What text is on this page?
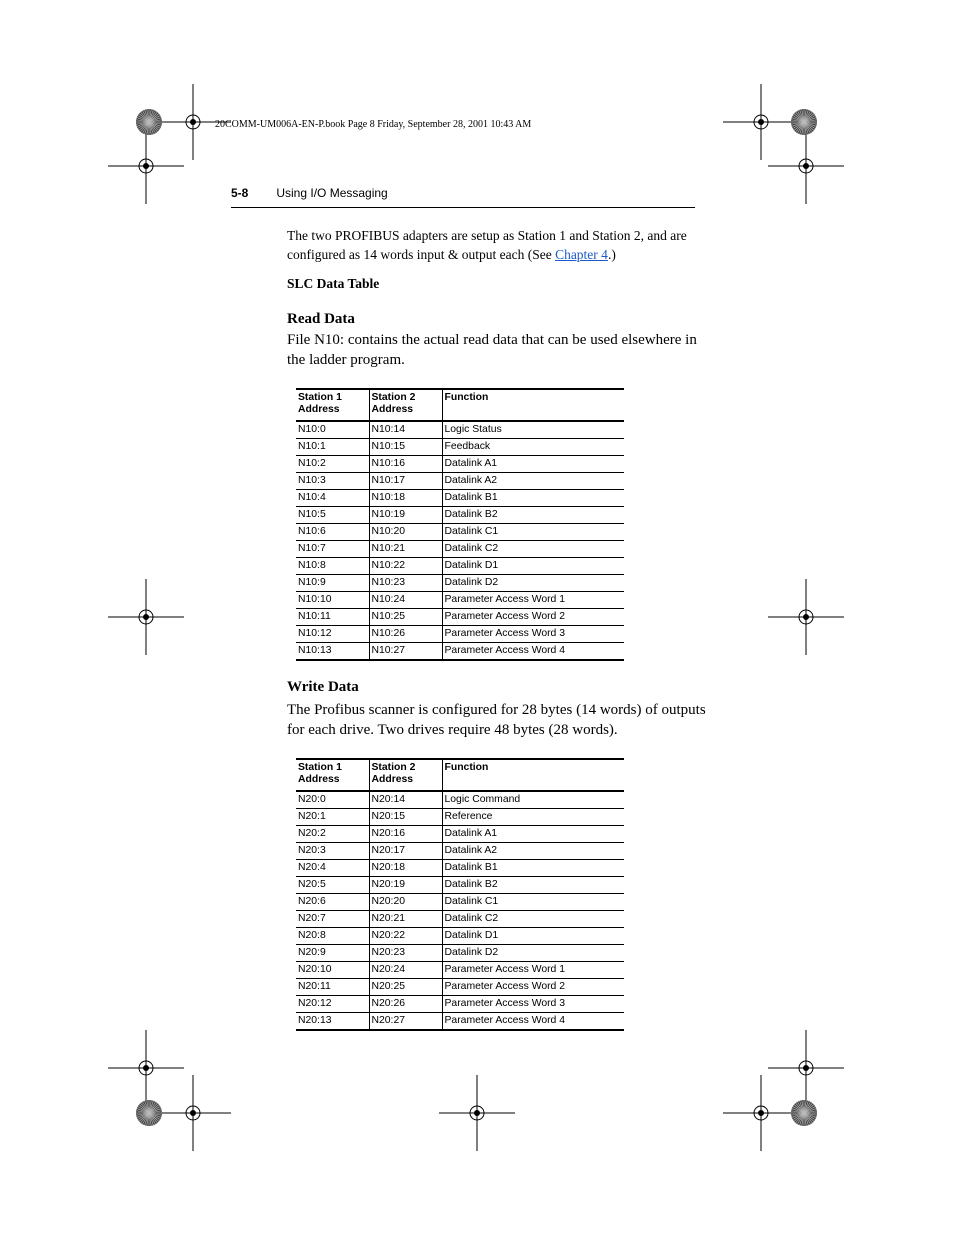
20COMM-UM006A-EN-P.book Page 8 Friday, September 28, 2001 10:43 AM
5-8 Using I/O Messaging
The two PROFIBUS adapters are setup as Station 1 and Station 2, and are configured as 14 words input & output each (See Chapter 4.)
SLC Data Table
Read Data
File N10: contains the actual read data that can be used elsewhere in the ladder program.
Station 1
Address	Station 2
Address	Function
N10:0	N10:14	Logic Status
N10:1	N10:15	Feedback
N10:2	N10:16	Datalink A1
N10:3	N10:17	Datalink A2
N10:4	N10:18	Datalink B1
N10:5	N10:19	Datalink B2
N10:6	N10:20	Datalink C1
N10:7	N10:21	Datalink C2
N10:8	N10:22	Datalink D1
N10:9	N10:23	Datalink D2
N10:10	N10:24	Parameter Access Word 1
N10:11	N10:25	Parameter Access Word 2
N10:12	N10:26	Parameter Access Word 3
N10:13	N10:27	Parameter Access Word 4
Write Data
The Profibus scanner is configured for 28 bytes (14 words) of outputs for each drive. Two drives require 48 bytes (28 words).
Station 1
Address	Station 2
Address	Function
N20:0	N20:14	Logic Command
N20:1	N20:15	Reference
N20:2	N20:16	Datalink A1
N20:3	N20:17	Datalink A2
N20:4	N20:18	Datalink B1
N20:5	N20:19	Datalink B2
N20:6	N20:20	Datalink C1
N20:7	N20:21	Datalink C2
N20:8	N20:22	Datalink D1
N20:9	N20:23	Datalink D2
N20:10	N20:24	Parameter Access Word 1
N20:11	N20:25	Parameter Access Word 2
N20:12	N20:26	Parameter Access Word 3
N20:13	N20:27	Parameter Access Word 4
